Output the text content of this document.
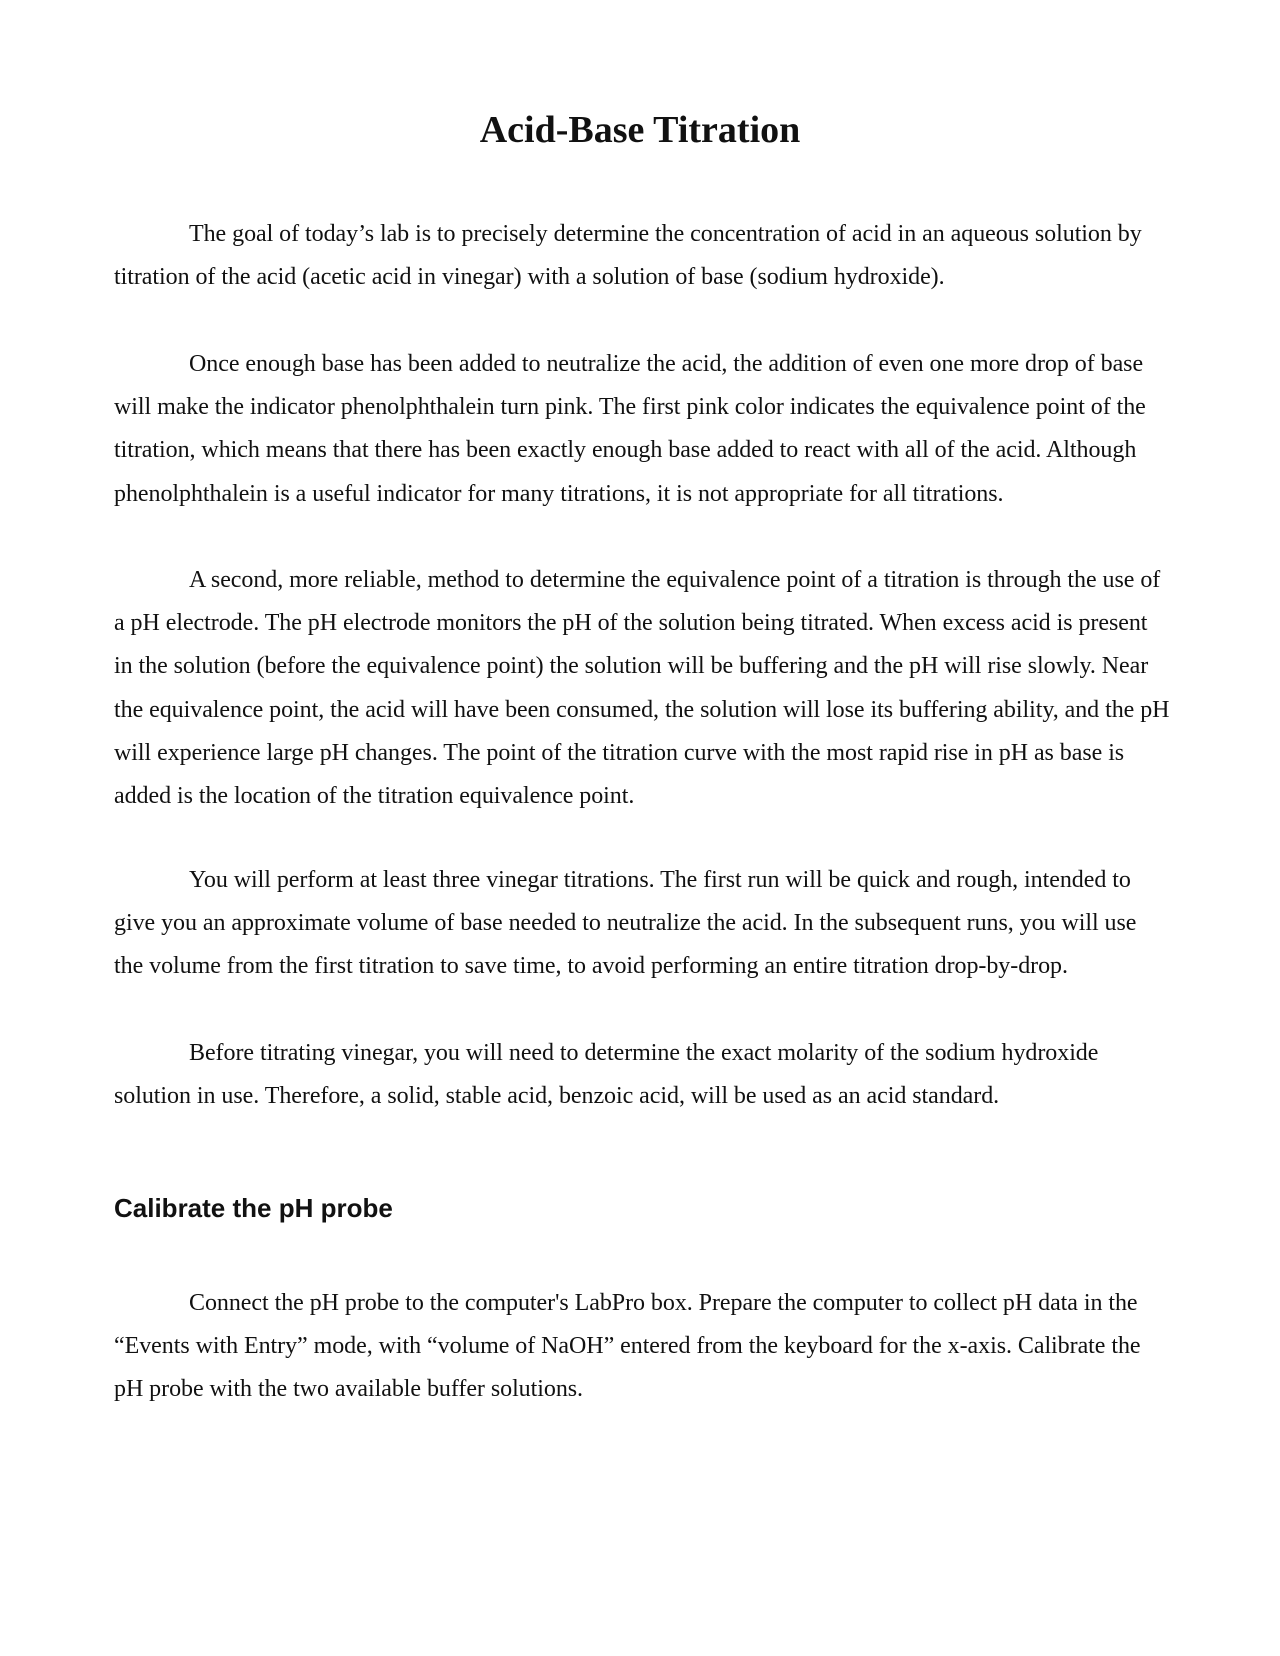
Acid-Base Titration

The goal of today’s lab is to precisely determine the concentration of acid in an aqueous solution by titration of the acid (acetic acid in vinegar) with a solution of base (sodium hydroxide).

Once enough base has been added to neutralize the acid, the addition of even one more drop of base will make the indicator phenolphthalein turn pink. The first pink color indicates the equivalence point of the titration, which means that there has been exactly enough base added to react with all of the acid. Although phenolphthalein is a useful indicator for many titrations, it is not appropriate for all titrations.

A second, more reliable, method to determine the equivalence point of a titration is through the use of a pH electrode. The pH electrode monitors the pH of the solution being titrated. When excess acid is present in the solution (before the equivalence point) the solution will be buffering and the pH will rise slowly. Near the equivalence point, the acid will have been consumed, the solution will lose its buffering ability, and the pH will experience large pH changes. The point of the titration curve with the most rapid rise in pH as base is added is the location of the titration equivalence point.

You will perform at least three vinegar titrations. The first run will be quick and rough, intended to give you an approximate volume of base needed to neutralize the acid. In the subsequent runs, you will use the volume from the first titration to save time, to avoid performing an entire titration drop-by-drop.

Before titrating vinegar, you will need to determine the exact molarity of the sodium hydroxide solution in use. Therefore, a solid, stable acid, benzoic acid, will be used as an acid standard.

Calibrate the pH probe

Connect the pH probe to the computer's LabPro box. Prepare the computer to collect pH data in the “Events with Entry” mode, with “volume of NaOH” entered from the keyboard for the x-axis. Calibrate the pH probe with the two available buffer solutions.
